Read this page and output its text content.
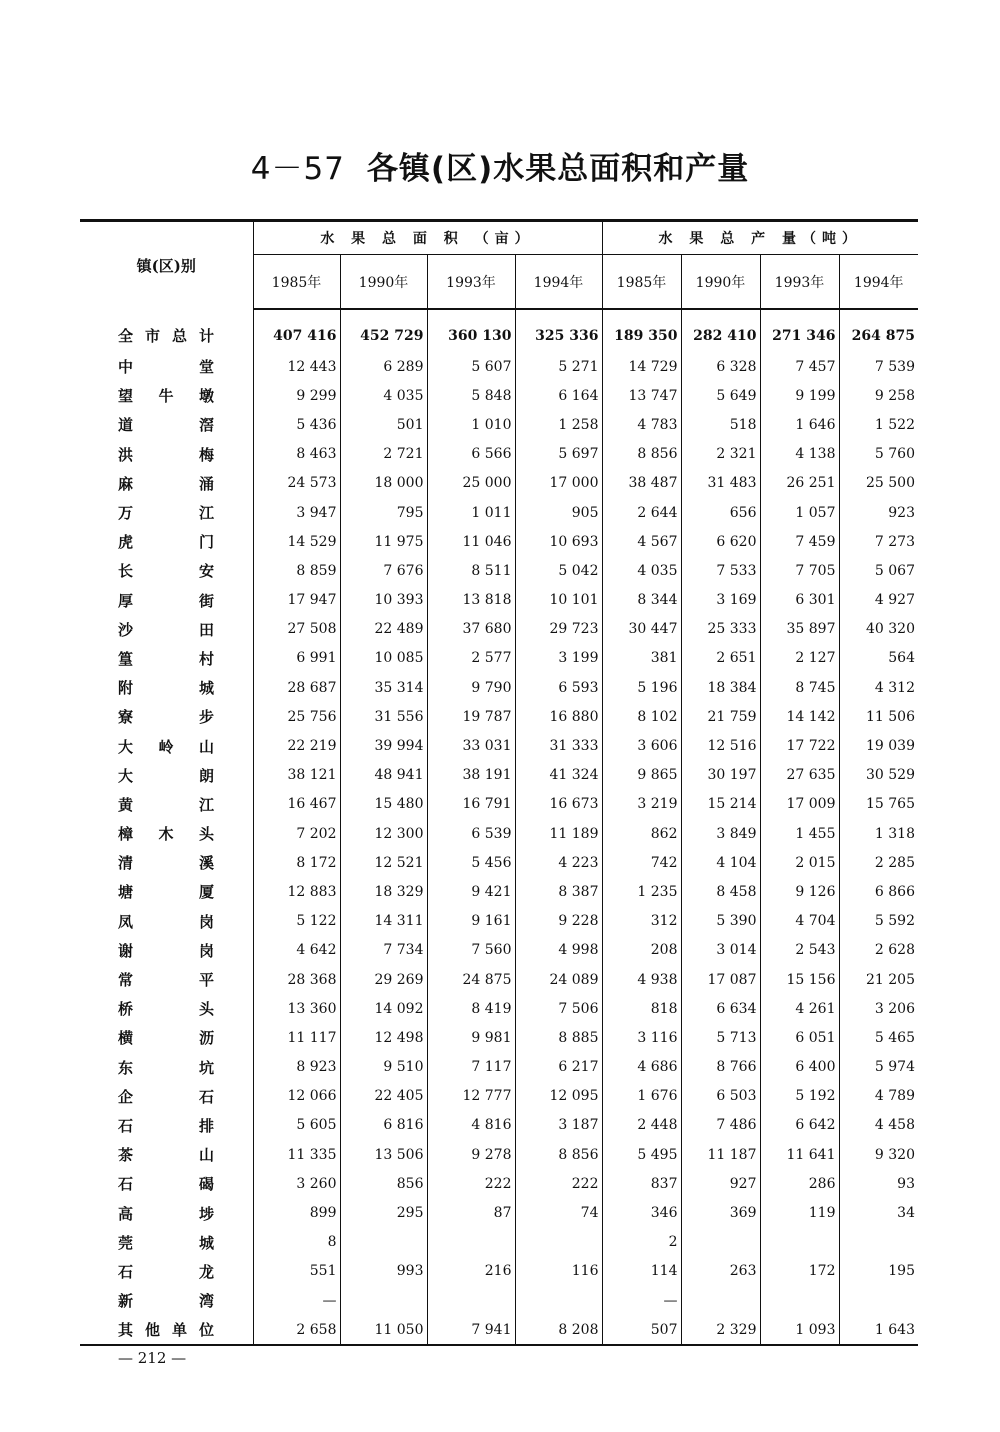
4－57 各镇(区)水果总面积和产量
镇(区)别	水 果 总 面 积 （亩）				水 果 总 产 量（吨）			
	1985年	1990年	1993年	1994年	1985年	1990年	1993年	1994年

全 市 总 计	407 416	452 729	360 130	325 336	189 350	282 410	271 346	264 875

中 堂	12 443	6 289	5 607	5 271	14 729	6 328	7 457	7 539

望 牛 墩	9 299	4 035	5 848	6 164	13 747	5 649	9 199	9 258

道 滘	5 436	501	1 010	1 258	4 783	518	1 646	1 522

洪 梅	8 463	2 721	6 566	5 697	8 856	2 321	4 138	5 760

麻 涌	24 573	18 000	25 000	17 000	38 487	31 483	26 251	25 500

万 江	3 947	795	1 011	905	2 644	656	1 057	923

虎 门	14 529	11 975	11 046	10 693	4 567	6 620	7 459	7 273

长 安	8 859	7 676	8 511	5 042	4 035	7 533	7 705	5 067

厚 街	17 947	10 393	13 818	10 101	8 344	3 169	6 301	4 927

沙 田	27 508	22 489	37 680	29 723	30 447	25 333	35 897	40 320

篁 村	6 991	10 085	2 577	3 199	381	2 651	2 127	564

附 城	28 687	35 314	9 790	6 593	5 196	18 384	8 745	4 312

寮 步	25 756	31 556	19 787	16 880	8 102	21 759	14 142	11 506

大 岭 山	22 219	39 994	33 031	31 333	3 606	12 516	17 722	19 039

大 朗	38 121	48 941	38 191	41 324	9 865	30 197	27 635	30 529

黄 江	16 467	15 480	16 791	16 673	3 219	15 214	17 009	15 765

樟 木 头	7 202	12 300	6 539	11 189	862	3 849	1 455	1 318

清 溪	8 172	12 521	5 456	4 223	742	4 104	2 015	2 285

塘 厦	12 883	18 329	9 421	8 387	1 235	8 458	9 126	6 866

凤 岗	5 122	14 311	9 161	9 228	312	5 390	4 704	5 592

谢 岗	4 642	7 734	7 560	4 998	208	3 014	2 543	2 628

常 平	28 368	29 269	24 875	24 089	4 938	17 087	15 156	21 205

桥 头	13 360	14 092	8 419	7 506	818	6 634	4 261	3 206

横 沥	11 117	12 498	9 981	8 885	3 116	5 713	6 051	5 465

东 坑	8 923	9 510	7 117	6 217	4 686	8 766	6 400	5 974

企 石	12 066	22 405	12 777	12 095	1 676	6 503	5 192	4 789

石 排	5 605	6 816	4 816	3 187	2 448	7 486	6 642	4 458

茶 山	11 335	13 506	9 278	8 856	5 495	11 187	11 641	9 320

石 碣	3 260	856	222	222	837	927	286	93

高 埗	899	295	87	74	346	369	119	34

莞 城	8				2			

石 龙	551	993	216	116	114	263	172	195

新 湾	—				—			

其 他 单 位	2 658	11 050	7 941	8 208	507	2 329	1 093	1 643
— 212 —
